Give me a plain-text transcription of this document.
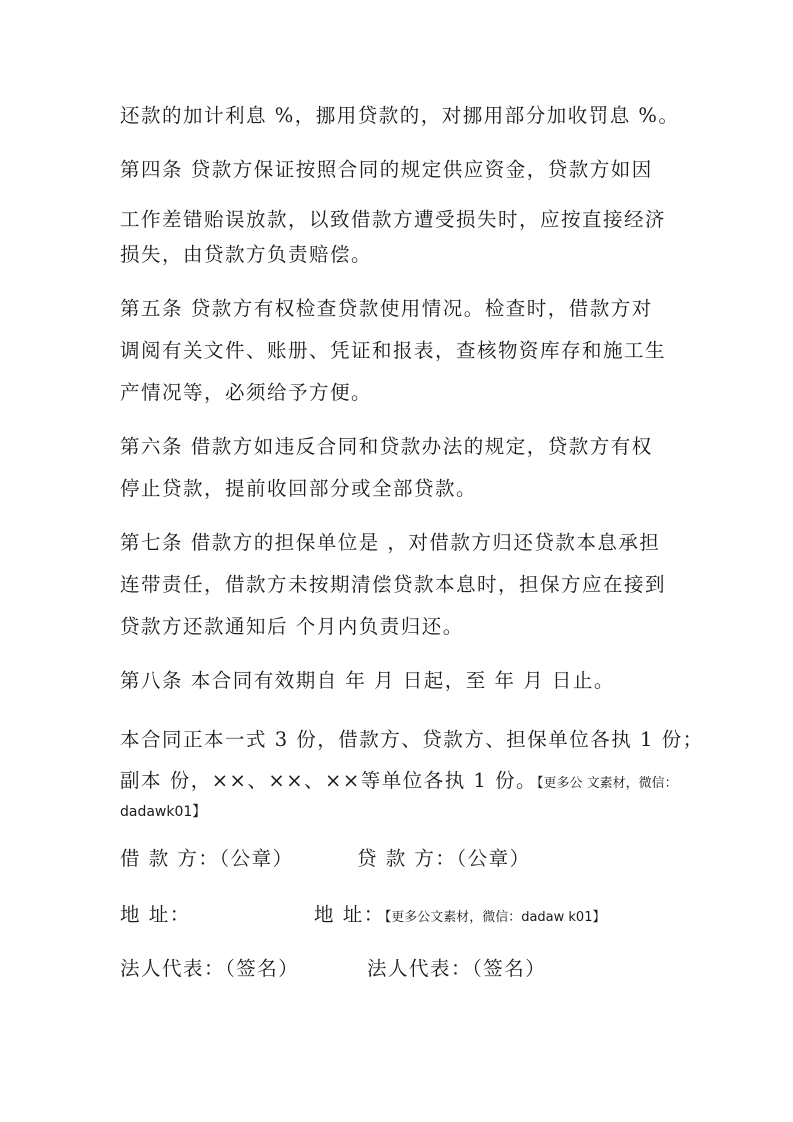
还款的加计利息 %，挪用贷款的，对挪用部分加收罚息 %。
第四条 贷款方保证按照合同的规定供应资金，贷款方如因
工作差错贻误放款，以致借款方遭受损失时，应按直接经济
损失，由贷款方负责赔偿。
第五条 贷款方有权检查贷款使用情况。检查时，借款方对
调阅有关文件、账册、凭证和报表，查核物资库存和施工生
产情况等，必须给予方便。
第六条 借款方如违反合同和贷款办法的规定，贷款方有权
停止贷款，提前收回部分或全部贷款。
第七条 借款方的担保单位是 ，对借款方归还贷款本息承担
连带责任，借款方未按期清偿贷款本息时，担保方应在接到
贷款方还款通知后 个月内负责归还。
第八条 本合同有效期自 年 月 日起，至 年 月 日止。
本合同正本一式 3 份，借款方、贷款方、担保单位各执 1 份；
副本 份，××、××、××等单位各执 1 份。【更多公 文素材，微信：
dadawk01】
借 款 方：（公章）	贷 款 方：（公章）
地 址：	地 址：【更多公文素材，微信：dadaw k01】
法人代表：（签名）	法人代表：（签名）
